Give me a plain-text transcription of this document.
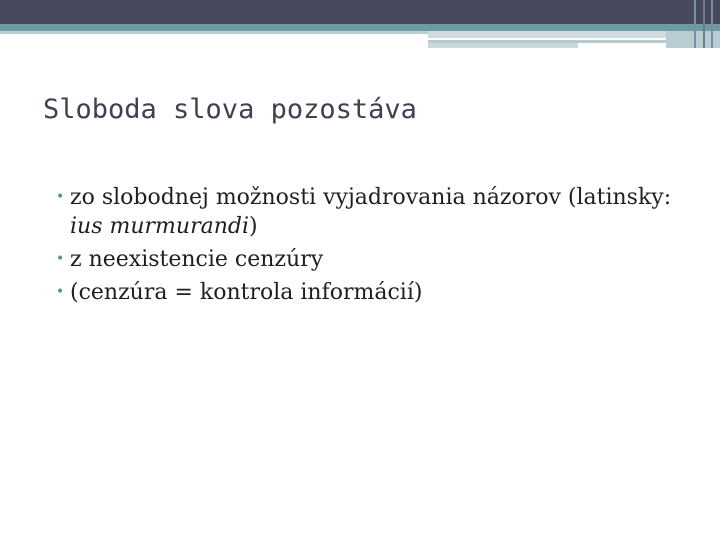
Sloboda slova pozostáva
• zo slobodnej možnosti vyjadrovania názorov (latinsky: ius murmurandi)
• z neexistencie cenzúry
• (cenzúra = kontrola informácií)
